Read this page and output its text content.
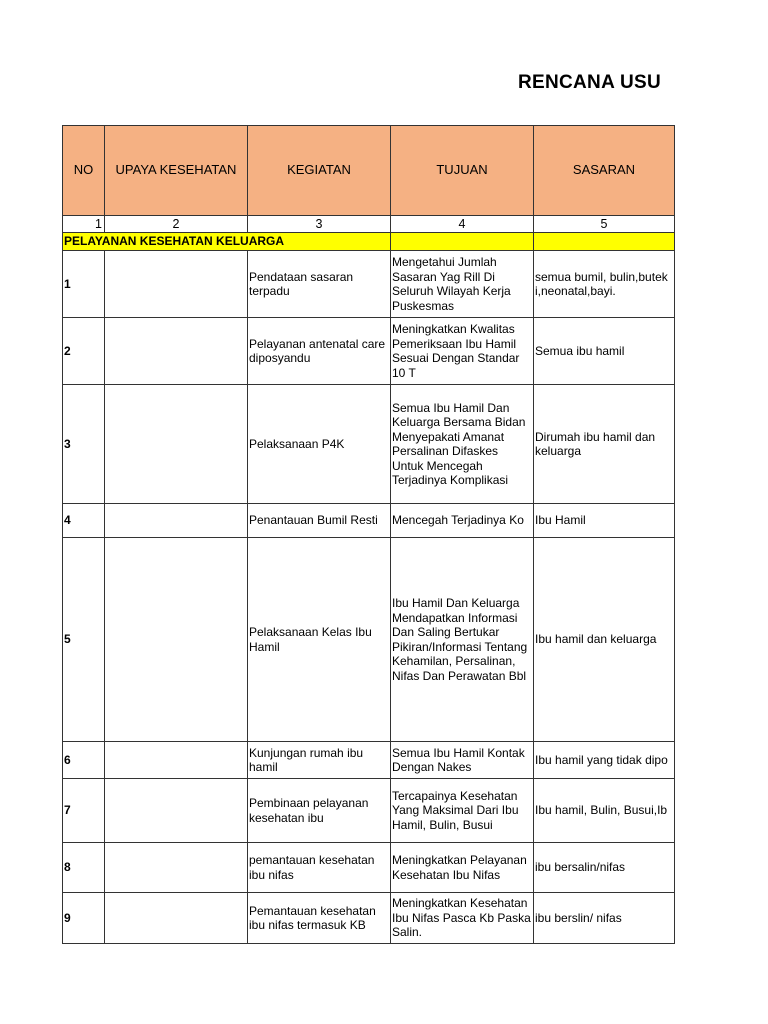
RENCANA USU
NO	UPAYA KESEHATAN	KEGIATAN	TUJUAN	SASARAN
1	2	3	4	5
PELAYANAN KESEHATAN KELUARGA				
1		Pendataan sasaran terpadu	Mengetahui Jumlah Sasaran Yag Rill Di Seluruh Wilayah Kerja Puskesmas	semua bumil, bulin,buteki,neonatal,bayi.
2		Pelayanan antenatal care diposyandu	Meningkatkan Kwalitas Pemeriksaan Ibu Hamil Sesuai Dengan Standar 10 T	Semua ibu hamil
3		Pelaksanaan P4K	Semua Ibu Hamil Dan Keluarga Bersama Bidan Menyepakati Amanat Persalinan Difaskes Untuk Mencegah Terjadinya Komplikasi	Dirumah ibu hamil dan keluarga
4		Penantauan Bumil Resti	Mencegah Terjadinya Ko	Ibu Hamil
5		Pelaksanaan Kelas Ibu Hamil	Ibu Hamil Dan Keluarga Mendapatkan Informasi Dan Saling Bertukar Pikiran/Informasi Tentang Kehamilan, Persalinan, Nifas Dan Perawatan Bbl	Ibu hamil dan keluarga
6		Kunjungan rumah ibu hamil	Semua Ibu Hamil Kontak Dengan Nakes	Ibu hamil yang tidak dipo
7		Pembinaan pelayanan kesehatan ibu	Tercapainya Kesehatan Yang Maksimal Dari Ibu Hamil, Bulin, Busui	Ibu hamil, Bulin, Busui,Ib
8		pemantauan kesehatan ibu nifas	Meningkatkan Pelayanan Kesehatan Ibu Nifas	ibu bersalin/nifas
9		Pemantauan kesehatan ibu nifas termasuk KB	Meningkatkan Kesehatan Ibu Nifas Pasca Kb Paska Salin.	ibu berslin/ nifas
